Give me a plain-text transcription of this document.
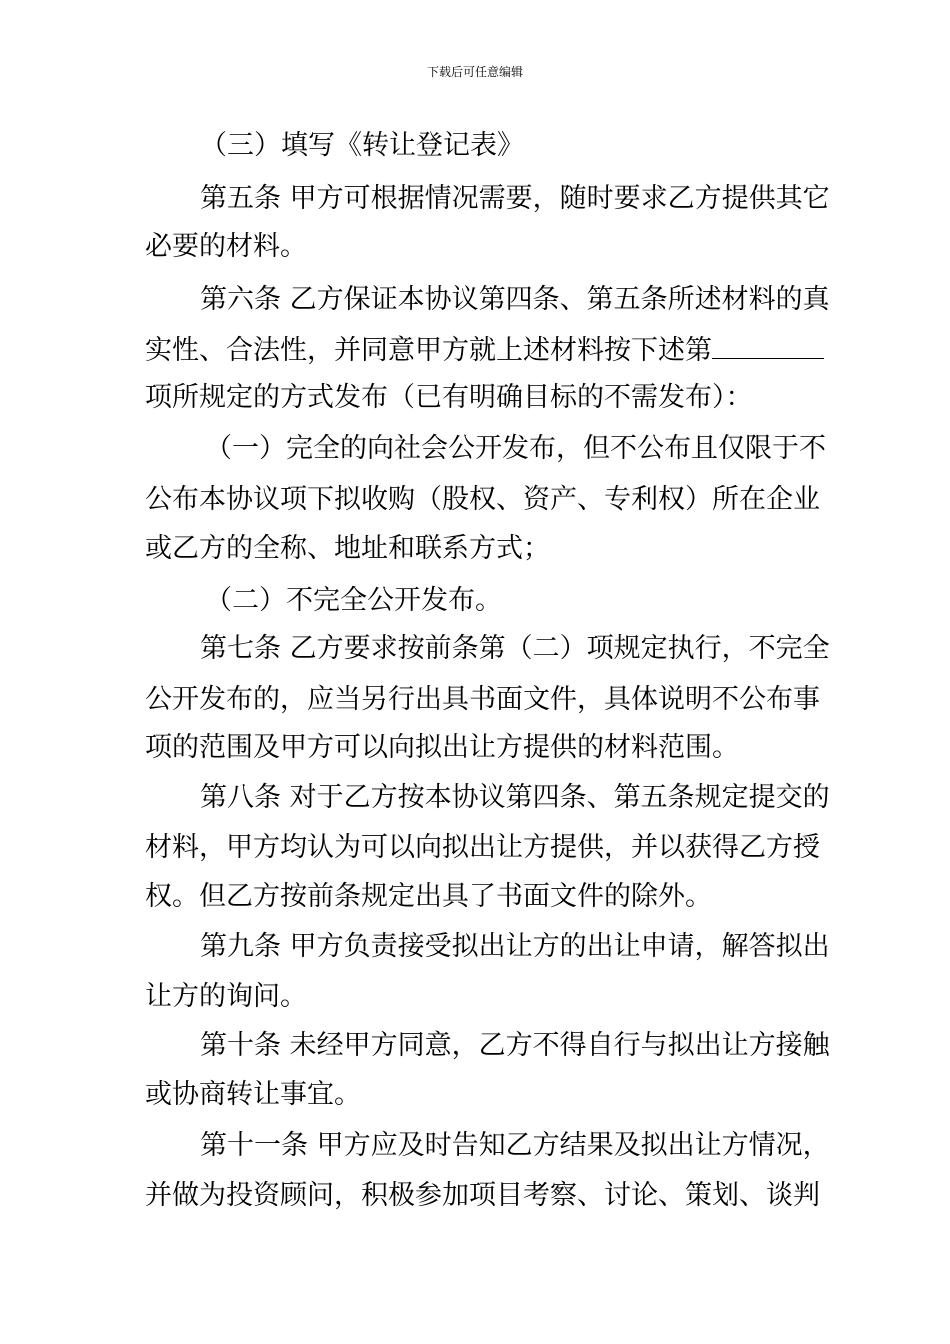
下载后可任意编辑
（三）填写《转让登记表》
第五条 甲方可根据情况需要，随时要求乙方提供其它
必要的材料。
第六条 乙方保证本协议第四条、第五条所述材料的真
实性、合法性，并同意甲方就上述材料按下述第
项所规定的方式发布（已有明确目标的不需发布）：
（一）完全的向社会公开发布，但不公布且仅限于不
公布本协议项下拟收购（股权、资产、专利权）所在企业
或乙方的全称、地址和联系方式；
（二）不完全公开发布。
第七条 乙方要求按前条第（二）项规定执行，不完全
公开发布的，应当另行出具书面文件，具体说明不公布事
项的范围及甲方可以向拟出让方提供的材料范围。
第八条 对于乙方按本协议第四条、第五条规定提交的
材料，甲方均认为可以向拟出让方提供，并以获得乙方授
权。但乙方按前条规定出具了书面文件的除外。
第九条 甲方负责接受拟出让方的出让申请，解答拟出
让方的询问。
第十条 未经甲方同意，乙方不得自行与拟出让方接触
或协商转让事宜。
第十一条 甲方应及时告知乙方结果及拟出让方情况，
并做为投资顾问，积极参加项目考察、讨论、策划、谈判
